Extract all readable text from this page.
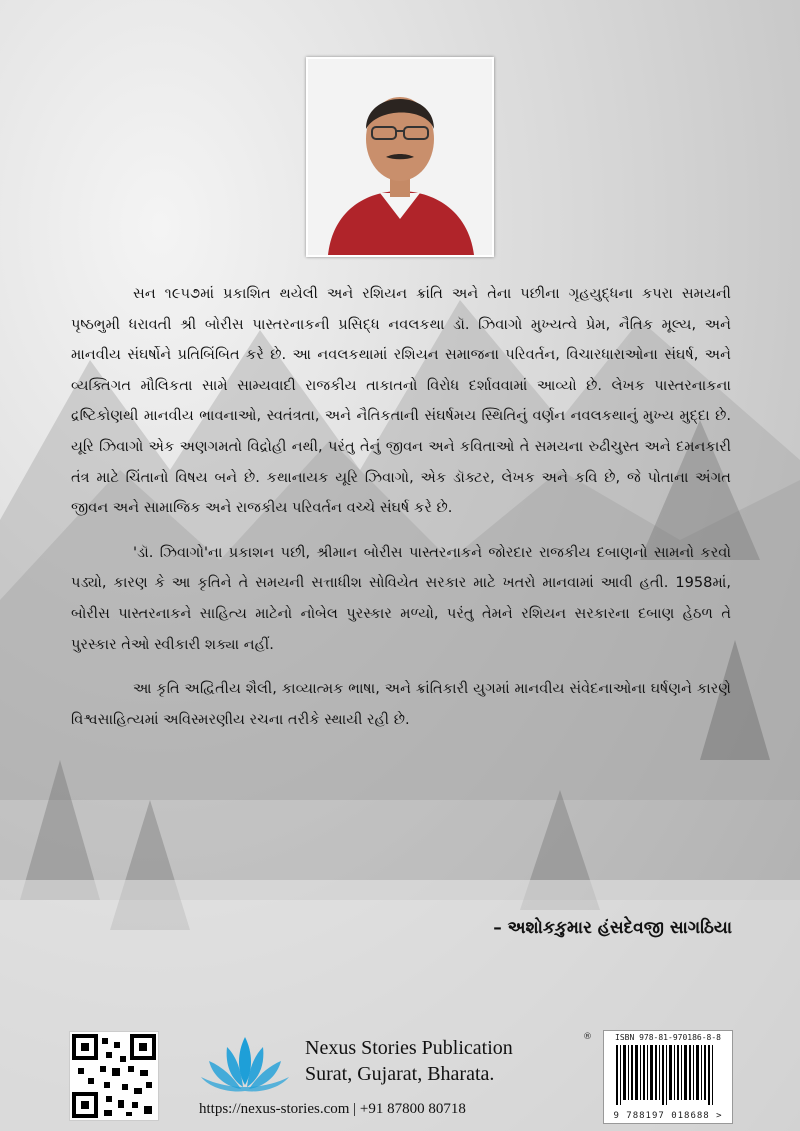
સન ૧૯૫૭માં પ્રકાશિત થયેલી અને રશિયન ક્રાંતિ અને તેના પછીના ગૃહયુદ્ધના કપરા સમયની પૃષ્ઠભુમી ધરાવતી શ્રી બોરીસ પાસ્તરનાકની પ્રસિદ્ધ નવલકથા ડૉ. ઝિવાગો મુખ્યત્વે પ્રેમ, નૈતિક મૂલ્ય, અને માનવીય સંઘર્ષોને પ્રતિબિંબિત કરે છે. આ નવલકથામાં રશિયન સમાજના પરિવર્તન, વિચારધારાઓના સંઘર્ષ, અને વ્યક્તિગત મૌલિકતા સામે સામ્યવાદી રાજકીય તાકાતનો વિરોધ દર્શાવવામાં આવ્યો છે. લેખક પાસ્તરનાકના દ્રષ્ટિકોણથી માનવીય ભાવનાઓ, સ્વતંત્રતા, અને નૈતિકતાની સંઘર્ષમય સ્થિતિનું વર્ણન નવલકથાનું મુખ્ય મુદ્દા છે. યૂરિ ઝિવાગો એક અણગમતો વિદ્રોહી નથી, પરંતુ તેનું જીવન અને કવિતાઓ તે સમયના રુઢીચુસ્ત અને દમનકારી તંત્ર માટે ચિંતાનો વિષય બને છે. કથાનાયક યૂરિ ઝિવાગો, એક ડૉક્ટર, લેખક અને કવિ છે, જે પોતાના અંગત જીવન અને સામાજિક અને રાજકીય પરિવર્તન વચ્ચે સંઘર્ષ કરે છે.

'ડૉ. ઝિવાગો'ના પ્રકાશન પછી, શ્રીમાન બોરીસ પાસ્તરનાકને જોરદાર રાજકીય દબાણનો સામનો કરવો પડ્યો, કારણ કે આ કૃતિને તે સમયની સત્તાધીશ સોવિયેત સરકાર માટે ખતરો માનવામાં આવી હતી. 1958માં, બોરીસ પાસ્તરનાકને સાહિત્ય માટેનો નોબેલ પુરસ્કાર મળ્યો, પરંતુ તેમને રશિયન સરકારના દબાણ હેઠળ તે પુરસ્કાર તેઓ સ્વીકારી શક્યા નહીં.

આ કૃતિ અદ્વિતીય શૈલી, કાવ્યાત્મક ભાષા, અને ક્રાંતિકારી યુગમાં માનવીય સંવેદનાઓના ઘર્ષણને કારણે વિશ્વસાહિત્યમાં અવિસ્મરણીય રચના તરીકે સ્થાયી રહી છે.

– અશોકકુમાર હંસદેવજી સાગઠિયા
Nexus Stories Publication	®
Surat, Gujarat, Bharata.
https://nexus-stories.com | +91 87800 80718
ISBN 978-81-970186-8-8
9 788197 018688 >
